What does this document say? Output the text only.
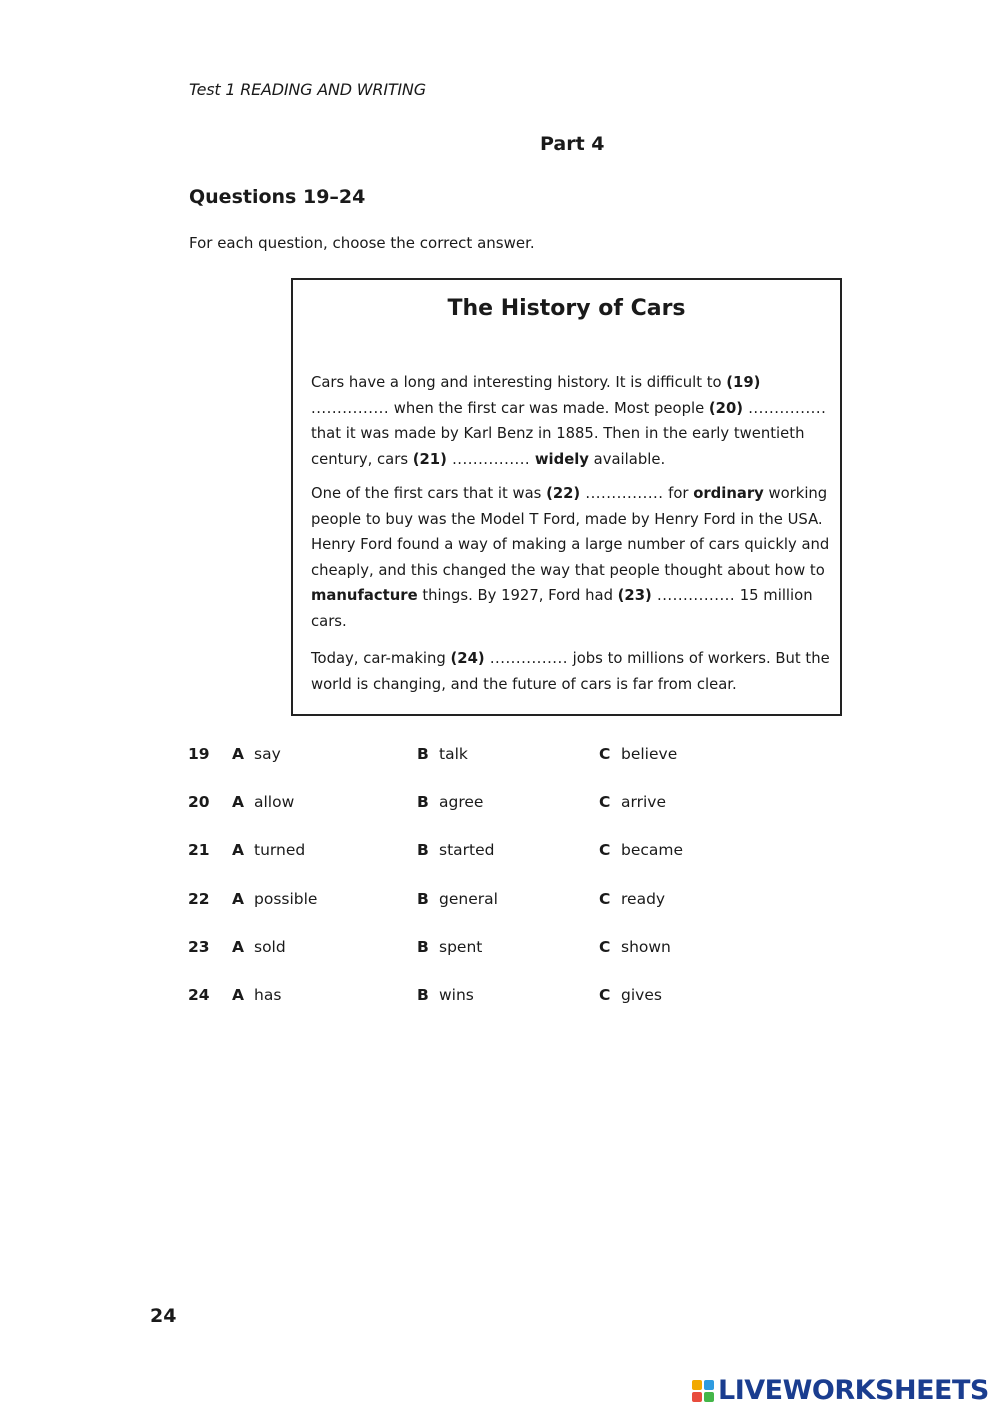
Test 1 READING AND WRITING
Part 4
Questions 19–24
For each question, choose the correct answer.
The History of Cars
Cars have a long and interesting history. It is difficult to (19) ............... when the first car was made. Most people (20) ............... that it was made by Karl Benz in 1885. Then in the early twentieth century, cars (21) ............... widely available.
One of the first cars that it was (22) ............... for ordinary working people to buy was the Model T Ford, made by Henry Ford in the USA. Henry Ford found a way of making a large number of cars quickly and cheaply, and this changed the way that people thought about how to manufacture things. By 1927, Ford had (23) ............... 15 million cars.
Today, car-making (24) ............... jobs to millions of workers. But the world is changing, and the future of cars is far from clear.
19 A say	B talk	C believe
20 A allow	B agree	C arrive
21 A turned	B started	C became
22 A possible	B general	C ready
23 A sold	B spent	C shown
24 A has	B wins	C gives
24
LIVEWORKSHEETS
